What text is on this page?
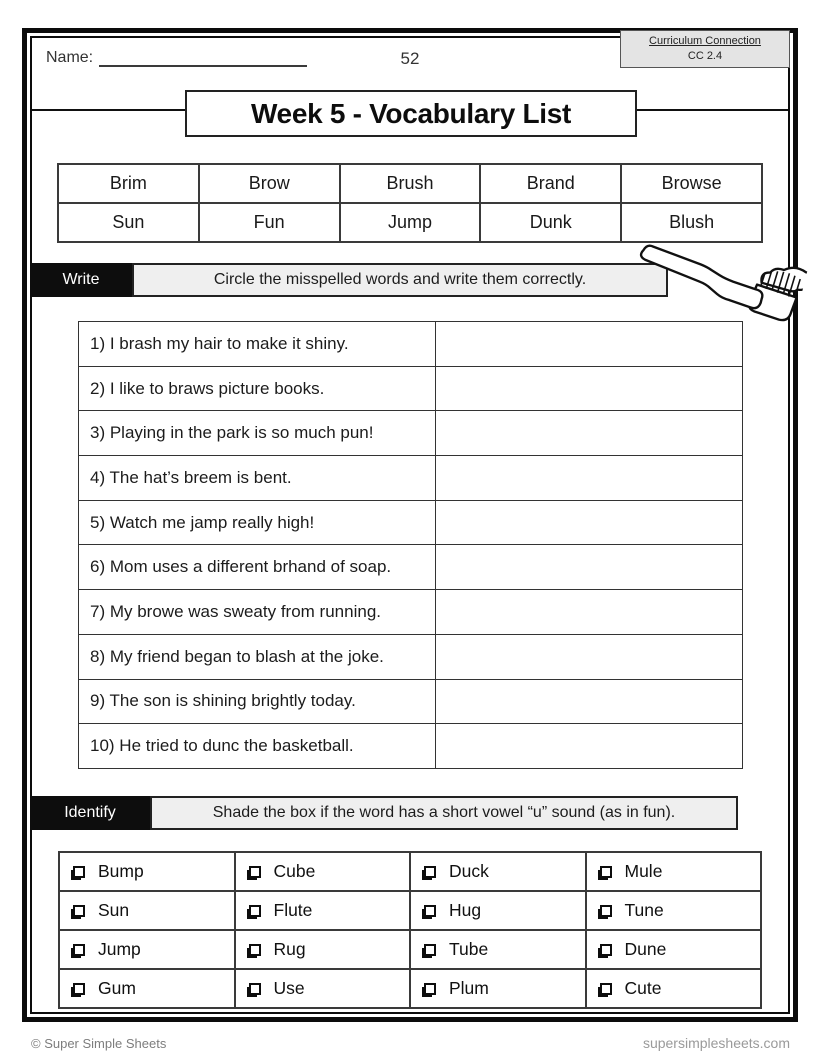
Curriculum Connection
CC 2.4
Name:	52
Week 5 - Vocabulary List
Brim	Brow	Brush	Brand	Browse
Sun	Fun	Jump	Dunk	Blush
Write	Circle the misspelled words and write them correctly.
1) I brash my hair to make it shiny.	
2) I like to braws picture books.	
3) Playing in the park is so much pun!	
4) The hat’s breem is bent.	
5) Watch me jamp really high!	
6) Mom uses a different brhand of soap.	
7) My browe was sweaty from running.	
8) My friend began to blash at the joke.	
9) The son is shining brightly today.	
10) He tried to dunc the basketball.	
Identify	Shade the box if the word has a short vowel “u” sound (as in fun).
Bump	Cube	Duck	Mule
Sun	Flute	Hug	Tune
Jump	Rug	Tube	Dune
Gum	Use	Plum	Cute
© Super Simple Sheets	supersimpleshеets.com
